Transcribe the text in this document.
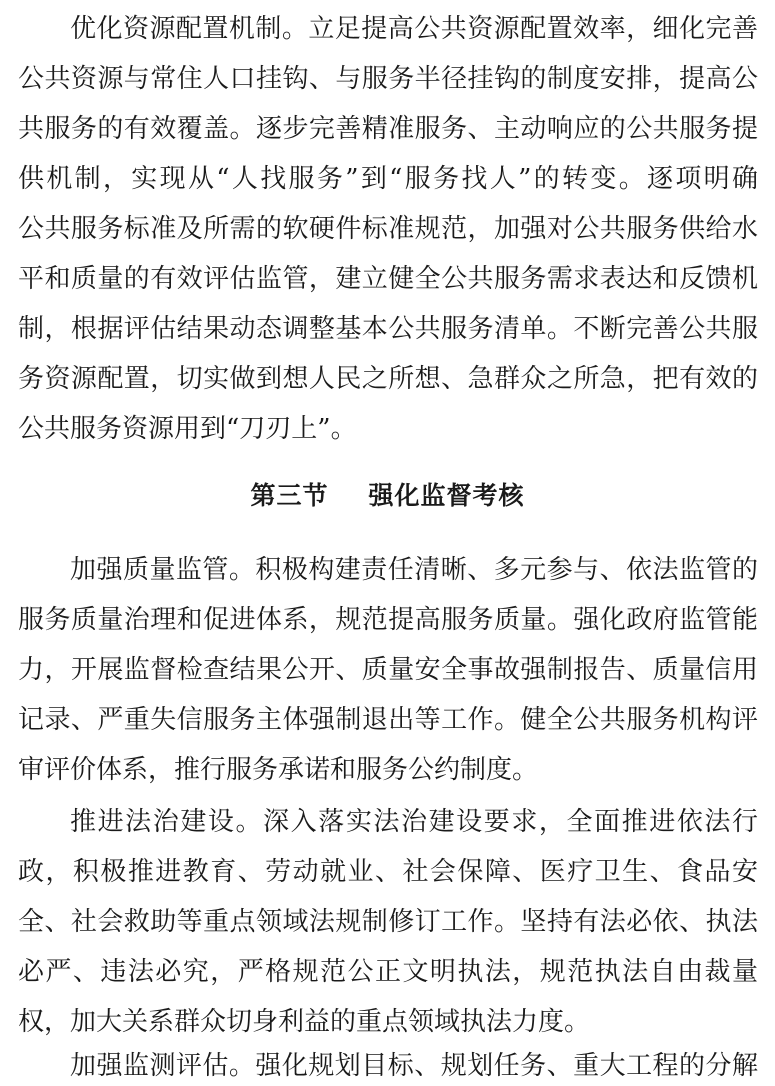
优化资源配置机制。立足提高公共资源配置效率，细化完善
公共资源与常住人口挂钩、与服务半径挂钩的制度安排，提高公
共服务的有效覆盖。逐步完善精准服务、主动响应的公共服务提
供机制，实现从“人找服务”到“服务找人”的转变。逐项明确
公共服务标准及所需的软硬件标准规范，加强对公共服务供给水
平和质量的有效评估监管，建立健全公共服务需求表达和反馈机
制，根据评估结果动态调整基本公共服务清单。不断完善公共服
务资源配置，切实做到想人民之所想、急群众之所急，把有效的
公共服务资源用到“刀刃上”。
第三节 强化监督考核
加强质量监管。积极构建责任清晰、多元参与、依法监管的
服务质量治理和促进体系，规范提高服务质量。强化政府监管能
力，开展监督检查结果公开、质量安全事故强制报告、质量信用
记录、严重失信服务主体强制退出等工作。健全公共服务机构评
审评价体系，推行服务承诺和服务公约制度。
推进法治建设。深入落实法治建设要求，全面推进依法行
政，积极推进教育、劳动就业、社会保障、医疗卫生、食品安
全、社会救助等重点领域法规制修订工作。坚持有法必依、执法
必严、违法必究，严格规范公正文明执法，规范执法自由裁量
权，加大关系群众切身利益的重点领域执法力度。
加强监测评估。强化规划目标、规划任务、重大工程的分解
